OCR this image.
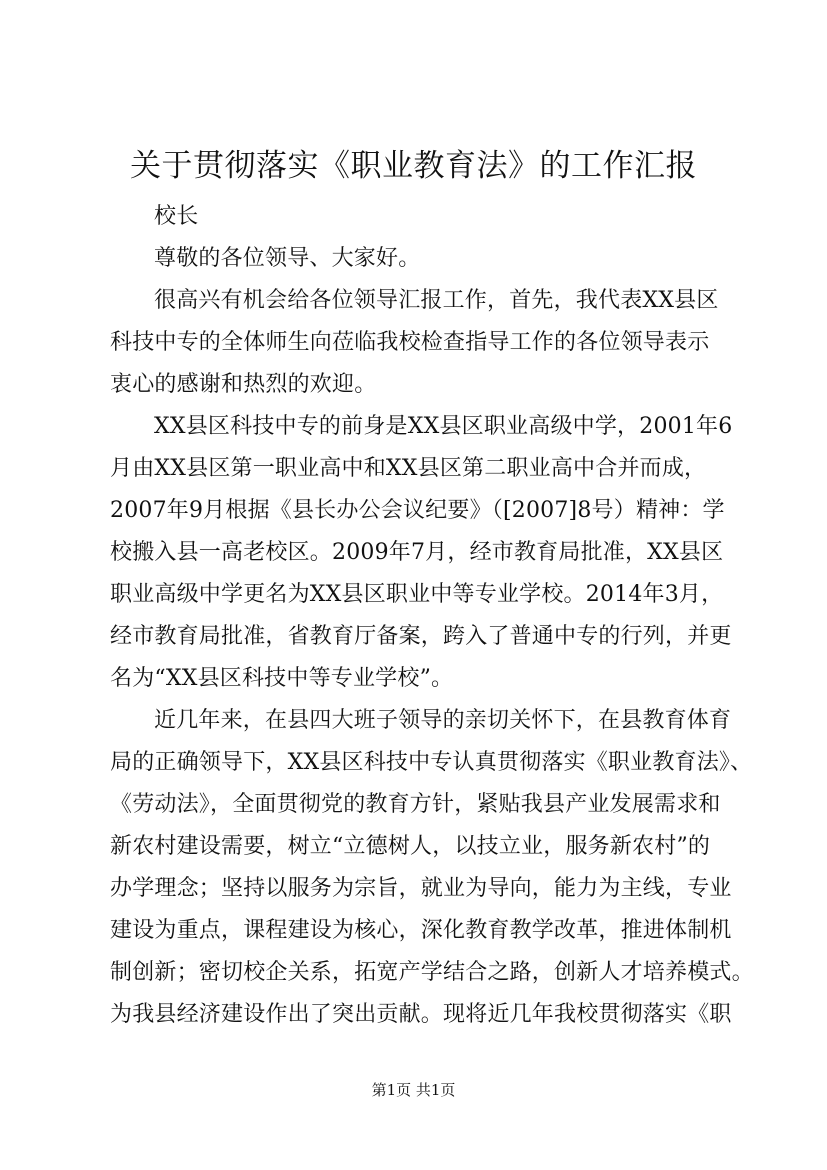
关于贯彻落实《职业教育法》的工作汇报
校长
尊敬的各位领导、大家好。
很高兴有机会给各位领导汇报工作，首先，我代表XX县区
科技中专的全体师生向莅临我校检查指导工作的各位领导表示
衷心的感谢和热烈的欢迎。
XX县区科技中专的前身是XX县区职业高级中学，2001年6
月由XX县区第一职业高中和XX县区第二职业高中合并而成，
2007年9月根据《县长办公会议纪要》（[2007]8号）精神：学
校搬入县一高老校区。2009年7月，经市教育局批准，XX县区
职业高级中学更名为XX县区职业中等专业学校。2014年3月，
经市教育局批准，省教育厅备案，跨入了普通中专的行列，并更
名为“XX县区科技中等专业学校”。
近几年来，在县四大班子领导的亲切关怀下，在县教育体育
局的正确领导下，XX县区科技中专认真贯彻落实《职业教育法》、
《劳动法》，全面贯彻党的教育方针，紧贴我县产业发展需求和
新农村建设需要，树立“立德树人，以技立业，服务新农村”的
办学理念；坚持以服务为宗旨，就业为导向，能力为主线，专业
建设为重点，课程建设为核心，深化教育教学改革，推进体制机
制创新；密切校企关系，拓宽产学结合之路，创新人才培养模式。
为我县经济建设作出了突出贡献。现将近几年我校贯彻落实《职
第1页 共1页
